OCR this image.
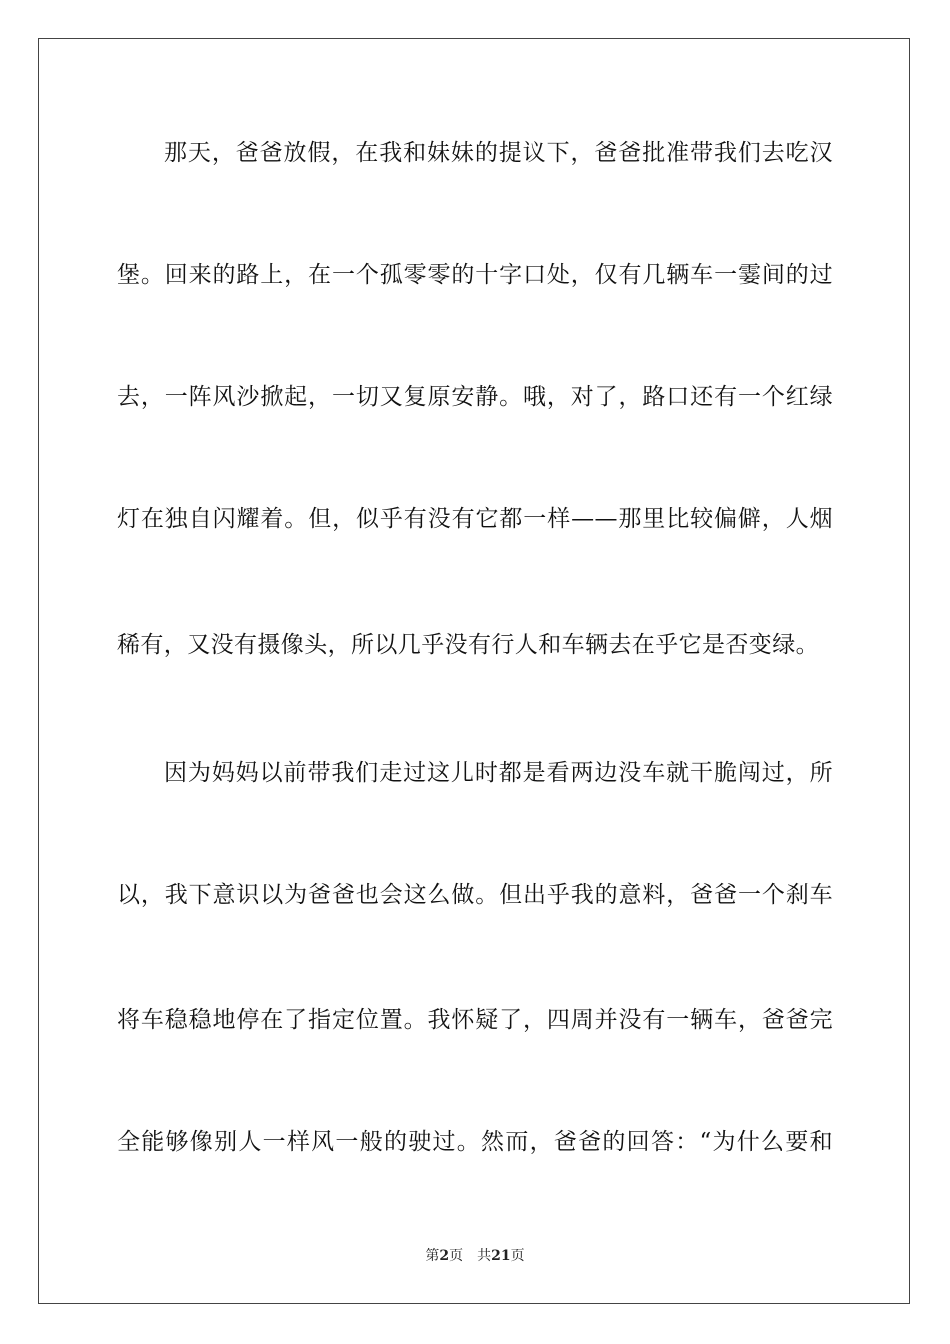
那天，爸爸放假，在我和妹妹的提议下，爸爸批准带我们去吃汉
堡。回来的路上，在一个孤零零的十字口处，仅有几辆车一霎间的过
去，一阵风沙掀起，一切又复原安静。哦，对了，路口还有一个红绿
灯在独自闪耀着。但，似乎有没有它都一样——那里比较偏僻，人烟
稀有，又没有摄像头，所以几乎没有行人和车辆去在乎它是否变绿。
因为妈妈以前带我们走过这儿时都是看两边没车就干脆闯过，所
以，我下意识以为爸爸也会这么做。但出乎我的意料，爸爸一个刹车
将车稳稳地停在了指定位置。我怀疑了，四周并没有一辆车，爸爸完
全能够像别人一样风一般的驶过。然而，爸爸的回答：“为什么要和
第2页 共21页
